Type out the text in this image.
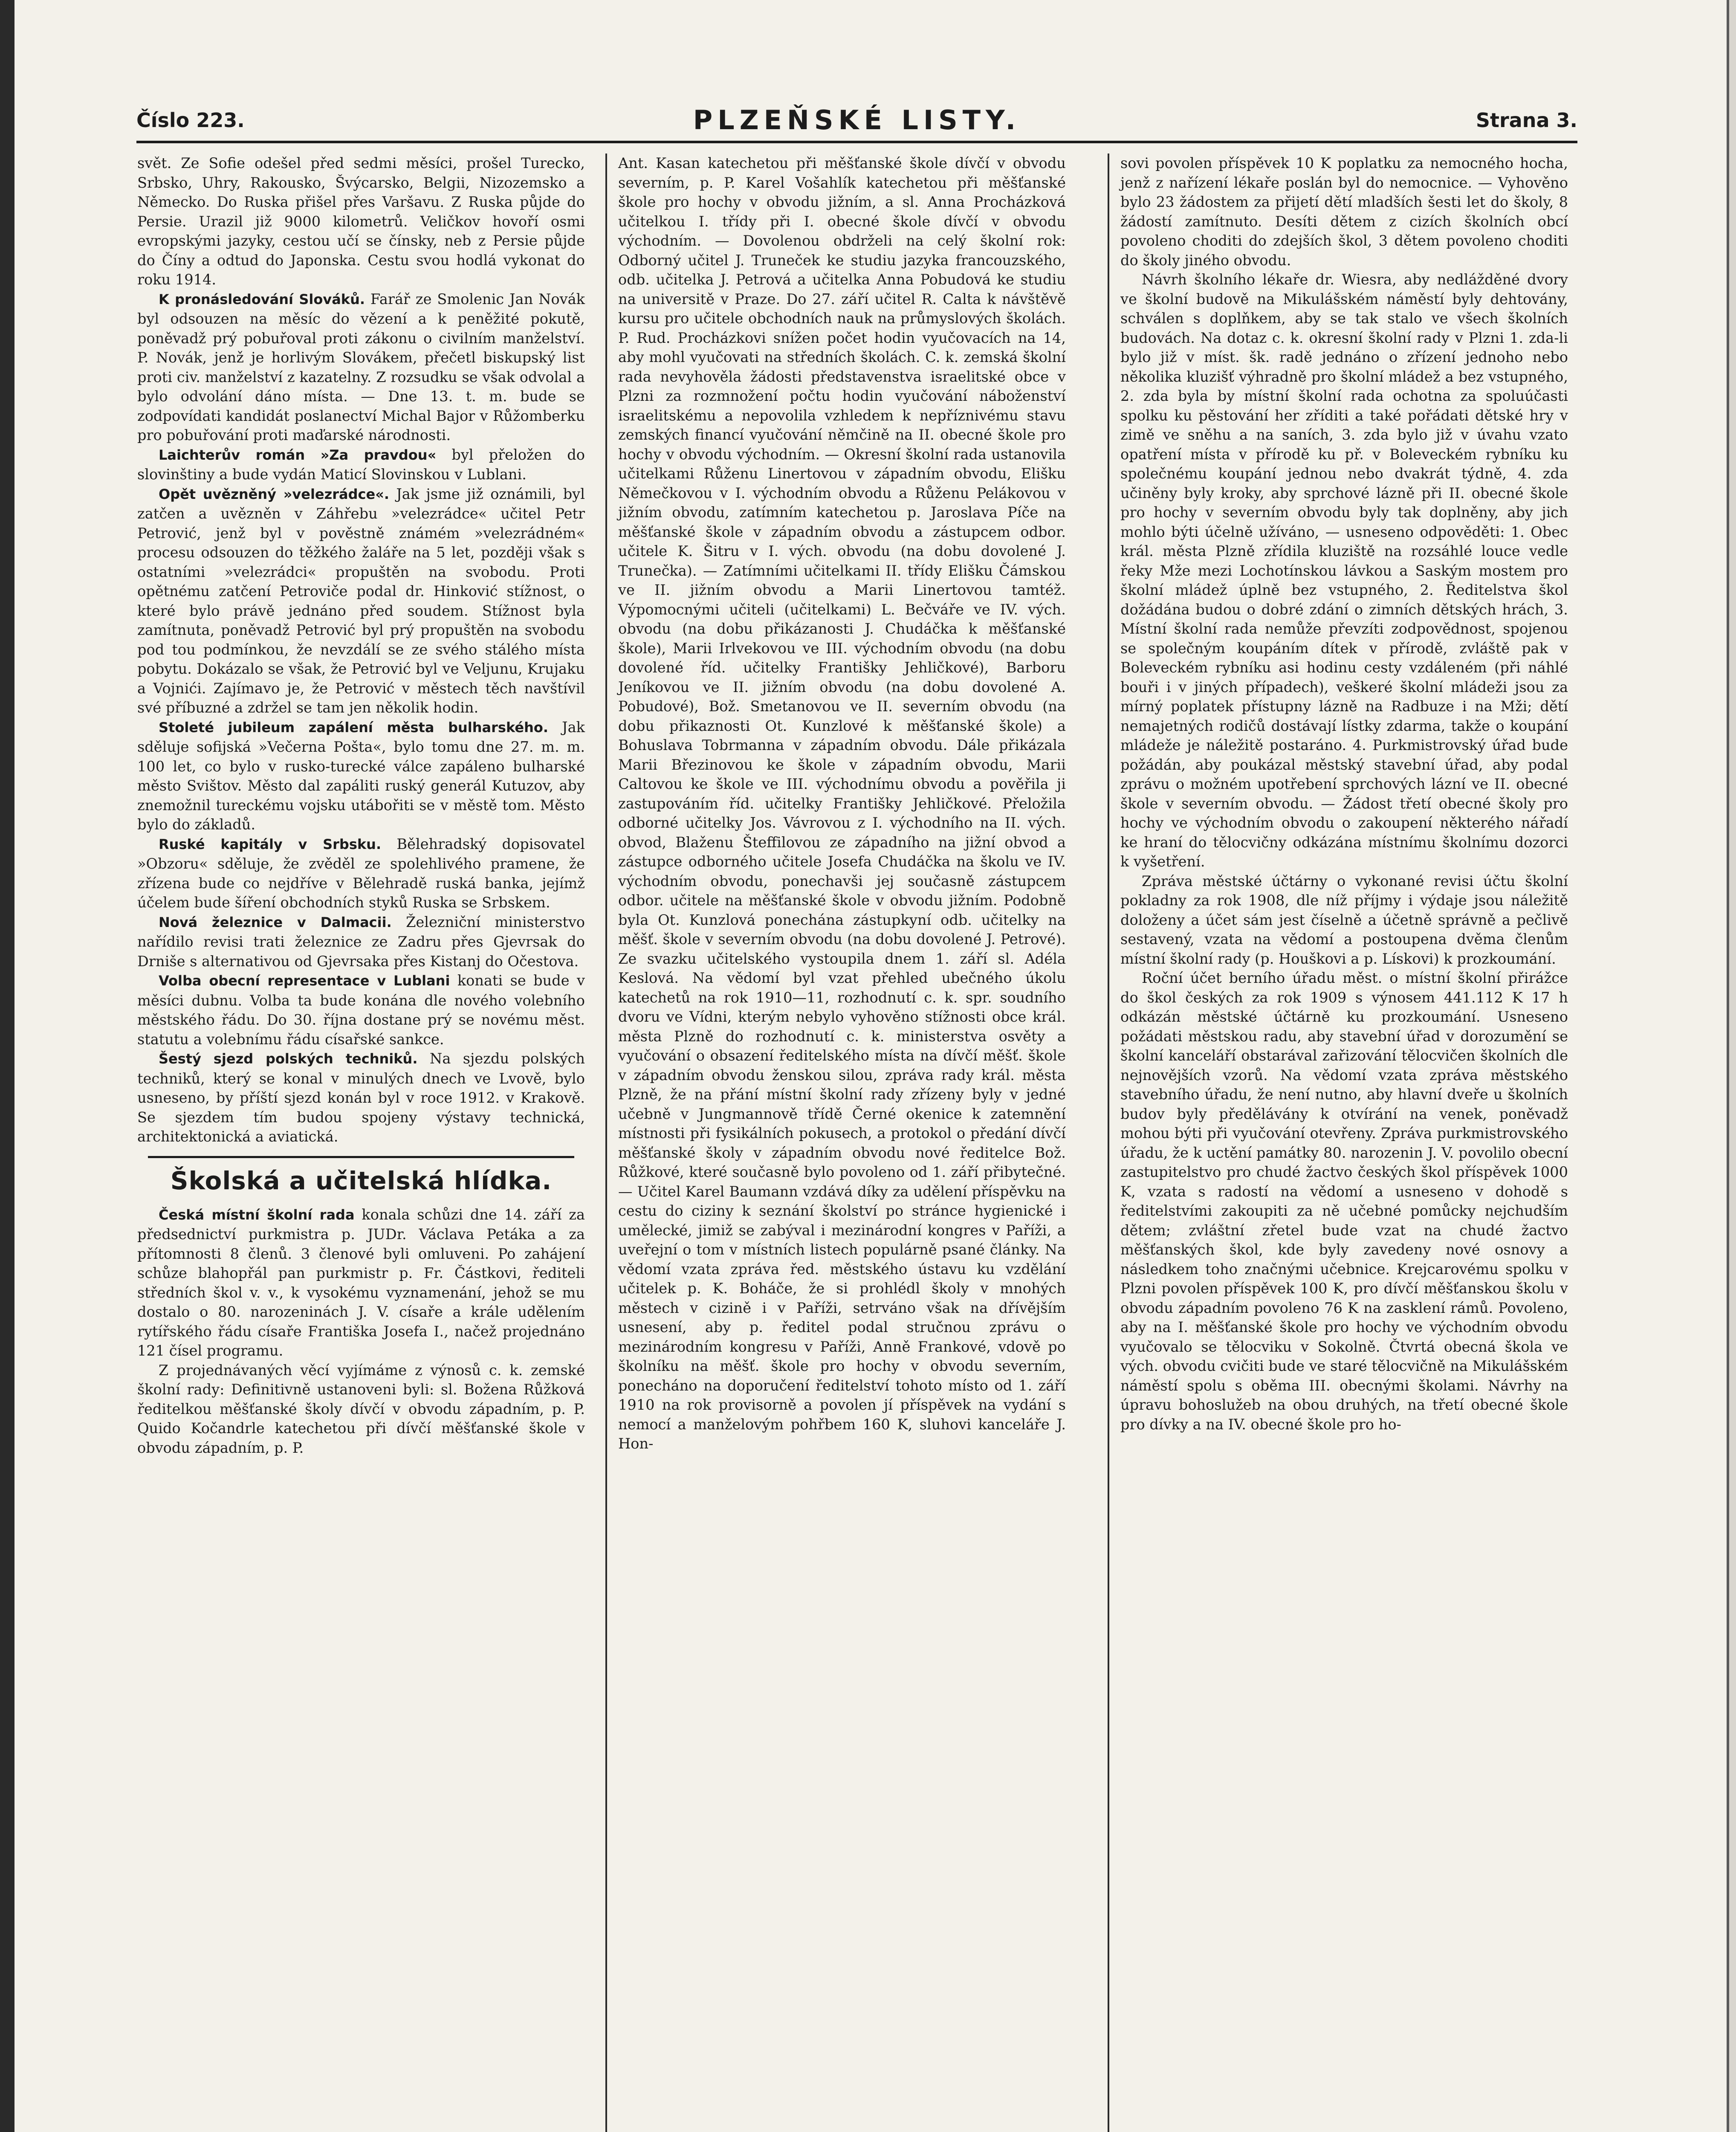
Číslo 223.	PLZEŇSKÉ LISTY.	Strana 3.

svět. Ze Sofie odešel před sedmi měsíci, prošel Turecko, Srbsko, Uhry, Rakousko, Švýcarsko, Belgii, Nizozemsko a Německo. Do Ruska přišel přes Varšavu. Z Ruska půjde do Persie. Urazil již 9000 kilometrů. Veličkov hovoří osmi evropskými jazyky, cestou učí se čínsky, neb z Persie půjde do Číny a odtud do Japonska. Cestu svou hodlá vykonat do roku 1914.

K pronásledování Slováků. Farář ze Smolenic Jan Novák byl odsouzen na měsíc do vězení a k peněžité pokutě, poněvadž prý pobuřoval proti zákonu o civilním manželství. P. Novák, jenž je horlivým Slovákem, přečetl biskupský list proti civ. manželství z kazatelny. Z rozsudku se však odvolal a bylo odvolání dáno místa. — Dne 13. t. m. bude se zodpovídati kandidát poslanectví Michal Bajor v Růžomberku pro pobuřování proti maďarské národnosti.

Laichterův román »Za pravdou« byl přeložen do slovinštiny a bude vydán Maticí Slovinskou v Lublani.

Opět uvězněný »velezrádce«. Jak jsme již oznámili, byl zatčen a uvězněn v Záhřebu »velezrádce« učitel Petr Petrović, jenž byl v pověstně známém »velezrádném« procesu odsouzen do těžkého žaláře na 5 let, později však s ostatními »velezrádci« propuštěn na svobodu. Proti opětnému zatčení Petroviče podal dr. Hinković stížnost, o které bylo právě jednáno před soudem. Stížnost byla zamítnuta, poněvadž Petrović byl prý propuštěn na svobodu pod tou podmínkou, že nevzdálí se ze svého stálého místa pobytu. Dokázalo se však, že Petrović byl ve Veljunu, Krujaku a Vojnići. Zajímavo je, že Petrović v městech těch navštívil své příbuzné a zdržel se tam jen několik hodin.

Stoleté jubileum zapálení města bulharského. Jak sděluje sofijská »Večerna Pošta«, bylo tomu dne 27. m. m. 100 let, co bylo v rusko-turecké válce zapáleno bulharské město Svištov. Město dal zapáliti ruský generál Kutuzov, aby znemožnil tureckému vojsku utábořiti se v městě tom. Město bylo do základů.

Ruské kapitály v Srbsku. Bělehradský dopisovatel »Obzoru« sděluje, že zvěděl ze spolehlivého pramene, že zřízena bude co nejdříve v Bělehradě ruská banka, jejímž účelem bude šíření obchodních styků Ruska se Srbskem.

Nová železnice v Dalmacii. Železniční ministerstvo nařídilo revisi trati železnice ze Zadru přes Gjevrsak do Drniše s alternativou od Gjevrsaka přes Kistanj do Očestova.

Volba obecní representace v Lublani konati se bude v měsíci dubnu. Volba ta bude konána dle nového volebního městského řádu. Do 30. října dostane prý se novému měst. statutu a volebnímu řádu císařské sankce.

Šestý sjezd polských techniků. Na sjezdu polských techniků, který se konal v minulých dnech ve Lvově, bylo usneseno, by příští sjezd konán byl v roce 1912. v Krakově. Se sjezdem tím budou spojeny výstavy technická, architektonická a aviatická.

Školská a učitelská hlídka.

Česká místní školní rada konala schůzi dne 14. září za předsednictví purkmistra p. JUDr. Václava Petáka a za přítomnosti 8 členů. 3 členové byli omluveni. Po zahájení schůze blahopřál pan purkmistr p. Fr. Částkovi, řediteli středních škol v. v., k vysokému vyznamenání, jehož se mu dostalo o 80. narozeninách J. V. císaře a krále udělením rytířského řádu císaře Františka Josefa I., načež projednáno 121 čísel programu.

Z projednávaných věcí vyjímáme z výnosů c. k. zemské školní rady: Definitivně ustanoveni byli: sl. Božena Růžková ředitelkou měšťanské školy dívčí v obvodu západním, p. P. Quido Kočandrle katechetou při dívčí měšťanské škole v obvodu západním, p. P.

Ant. Kasan katechetou při měšťanské škole dívčí v obvodu severním, p. P. Karel Vošahlík katechetou při měšťanské škole pro hochy v obvodu jižním, a sl. Anna Procházková učitelkou I. třídy při I. obecné škole dívčí v obvodu východním. — Dovolenou obdrželi na celý školní rok: Odborný učitel J. Truneček ke studiu jazyka francouzského, odb. učitelka J. Petrová a učitelka Anna Pobudová ke studiu na universitě v Praze. Do 27. září učitel R. Calta k návštěvě kursu pro učitele obchodních nauk na průmyslových školách. P. Rud. Procházkovi snížen počet hodin vyučovacích na 14, aby mohl vyučovati na středních školách. C. k. zemská školní rada nevyhověla žádosti představenstva israelitské obce v Plzni za rozmnožení počtu hodin vyučování náboženství israelitskému a nepovolila vzhledem k nepříznivému stavu zemských financí vyučování němčině na II. obecné škole pro hochy v obvodu východním. — Okresní školní rada ustanovila učitelkami Růženu Linertovou v západním obvodu, Elišku Němečkovou v I. východním obvodu a Růženu Pelákovou v jižním obvodu, zatímním katechetou p. Jaroslava Píče na měšťanské škole v západním obvodu a zástupcem odbor. učitele K. Šitru v I. vých. obvodu (na dobu dovolené J. Trunečka). — Zatímními učitelkami II. třídy Elišku Čámskou ve II. jižním obvodu a Marii Linertovou tamtéž. Výpomocnými učiteli (učitelkami) L. Bečváře ve IV. vých. obvodu (na dobu přikázanosti J. Chudáčka k měšťanské škole), Marii Irlvekovou ve III. východním obvodu (na dobu dovolené říd. učitelky Františky Jehličkové), Barboru Jeníkovou ve II. jižním obvodu (na dobu dovolené A. Pobudové), Bož. Smetanovou ve II. severním obvodu (na dobu přikaznosti Ot. Kunzlové k měšťanské škole) a Bohuslava Tobrmanna v západním obvodu. Dále přikázala Marii Březinovou ke škole v západním obvodu, Marii Caltovou ke škole ve III. východnímu obvodu a pověřila ji zastupováním říd. učitelky Františky Jehličkové. Přeložila odborné učitelky Jos. Vávrovou z I. východního na II. vých. obvod, Blaženu Šteffilovou ze západního na jižní obvod a zástupce odborného učitele Josefa Chudáčka na školu ve IV. východním obvodu, ponechavši jej současně zástupcem odbor. učitele na měšťanské škole v obvodu jižním. Podobně byla Ot. Kunzlová ponechána zástupkyní odb. učitelky na měšť. škole v severním obvodu (na dobu dovolené J. Petrové). Ze svazku učitelského vystoupila dnem 1. září sl. Adéla Keslová. Na vědomí byl vzat přehled ubečného úkolu katechetů na rok 1910—11, rozhodnutí c. k. spr. soudního dvoru ve Vídni, kterým nebylo vyhověno stížnosti obce král. města Plzně do rozhodnutí c. k. ministerstva osvěty a vyučování o obsazení ředitelského místa na dívčí měšť. škole v západním obvodu ženskou silou, zpráva rady král. města Plzně, že na přání místní školní rady zřízeny byly v jedné učebně v Jungmannově třídě Černé okenice k zatemnění místnosti při fysikálních pokusech, a protokol o předání dívčí měšťanské školy v západním obvodu nové ředitelce Bož. Růžkové, které současně bylo povoleno od 1. září přibytečné. — Učitel Karel Baumann vzdává díky za udělení příspěvku na cestu do ciziny k seznání školství po stránce hygienické i umělecké, jimiž se zabýval i mezinárodní kongres v Paříži, a uveřejní o tom v místních listech populárně psané články. Na vědomí vzata zpráva řed. městského ústavu ku vzdělání učitelek p. K. Boháče, že si prohlédl školy v mnohých městech v cizině i v Paříži, setrváno však na dřívějším usnesení, aby p. ředitel podal stručnou zprávu o mezinárodním kongresu v Paříži, Anně Frankové, vdově po školníku na měšť. škole pro hochy v obvodu severním, ponecháno na doporučení ředitelství tohoto místo od 1. září 1910 na rok provisorně a povolen jí příspěvek na vydání s nemocí a manželovým pohřbem 160 K, sluhovi kanceláře J. Hon-

sovi povolen příspěvek 10 K poplatku za nemocného hocha, jenž z nařízení lékaře poslán byl do nemocnice. — Vyhověno bylo 23 žádostem za přijetí dětí mladších šesti let do školy, 8 žádostí zamítnuto. Desíti dětem z cizích školních obcí povoleno choditi do zdejších škol, 3 dětem povoleno choditi do školy jiného obvodu.

Návrh školního lékaře dr. Wiesra, aby nedlážděné dvory ve školní budově na Mikulášském náměstí byly dehtovány, schválen s doplňkem, aby se tak stalo ve všech školních budovách. Na dotaz c. k. okresní školní rady v Plzni 1. zda-li bylo již v míst. šk. radě jednáno o zřízení jednoho nebo několika kluzišť výhradně pro školní mládež a bez vstupného, 2. zda byla by místní školní rada ochotna za spoluúčasti spolku ku pěstování her zříditi a také pořádati dětské hry v zimě ve sněhu a na saních, 3. zda bylo již v úvahu vzato opatření místa v přírodě ku př. v Boleveckém rybníku ku společnému koupání jednou nebo dvakrát týdně, 4. zda učiněny byly kroky, aby sprchové lázně při II. obecné škole pro hochy v severním obvodu byly tak doplněny, aby jich mohlo býti účelně užíváno, — usneseno odpověděti: 1. Obec král. města Plzně zřídila kluziště na rozsáhlé louce vedle řeky Mže mezi Lochotínskou lávkou a Saským mostem pro školní mládež úplně bez vstupného, 2. Ředitelstva škol dožádána budou o dobré zdání o zimních dětských hrách, 3. Místní školní rada nemůže převzíti zodpovědnost, spojenou se společným koupáním dítek v přírodě, zvláště pak v Boleveckém rybníku asi hodinu cesty vzdáleném (při náhlé bouři i v jiných případech), veškeré školní mládeži jsou za mírný poplatek přístupny lázně na Radbuze i na Mži; dětí nemajetných rodičů dostávají lístky zdarma, takže o koupání mládeže je náležitě postaráno. 4. Purkmistrovský úřad bude požádán, aby poukázal městský stavební úřad, aby podal zprávu o možném upotřebení sprchových lázní ve II. obecné škole v severním obvodu. — Žádost třetí obecné školy pro hochy ve východním obvodu o zakoupení některého nářadí ke hraní do tělocvičny odkázána místnímu školnímu dozorci k vyšetření.

Zpráva městské účtárny o vykonané revisi účtu školní pokladny za rok 1908, dle níž příjmy i výdaje jsou náležitě doloženy a účet sám jest číselně a účetně správně a pečlivě sestavený, vzata na vědomí a postoupena dvěma členům místní školní rady (p. Houškovi a p. Lískovi) k prozkoumání.

Roční účet berního úřadu měst. o místní školní přirážce do škol českých za rok 1909 s výnosem 441.112 K 17 h odkázán městské účtárně ku prozkoumání. Usneseno požádati městskou radu, aby stavební úřad v dorozumění se školní kanceláří obstarával zařizování tělocvičen školních dle nejnovějších vzorů. Na vědomí vzata zpráva městského stavebního úřadu, že není nutno, aby hlavní dveře u školních budov byly předělávány k otvírání na venek, poněvadž mohou býti při vyučování otevřeny. Zpráva purkmistrovského úřadu, že k uctění památky 80. narozenin J. V. povolilo obecní zastupitelstvo pro chudé žactvo českých škol příspěvek 1000 K, vzata s radostí na vědomí a usneseno v dohodě s ředitelstvími zakoupiti za ně učebné pomůcky nejchudším dětem; zvláštní zřetel bude vzat na chudé žactvo měšťanských škol, kde byly zavedeny nové osnovy a následkem toho značnými učebnice. Krejcarovému spolku v Plzni povolen příspěvek 100 K, pro dívčí měšťanskou školu v obvodu západním povoleno 76 K na zasklení rámů. Povoleno, aby na I. měšťanské škole pro hochy ve východním obvodu vyučovalo se tělocviku v Sokolně. Čtvrtá obecná škola ve vých. obvodu cvičiti bude ve staré tělocvičně na Mikulášském náměstí spolu s oběma III. obecnými školami. Návrhy na úpravu bohoslužeb na obou druhých, na třetí obecné škole pro dívky a na IV. obecné škole pro ho-
